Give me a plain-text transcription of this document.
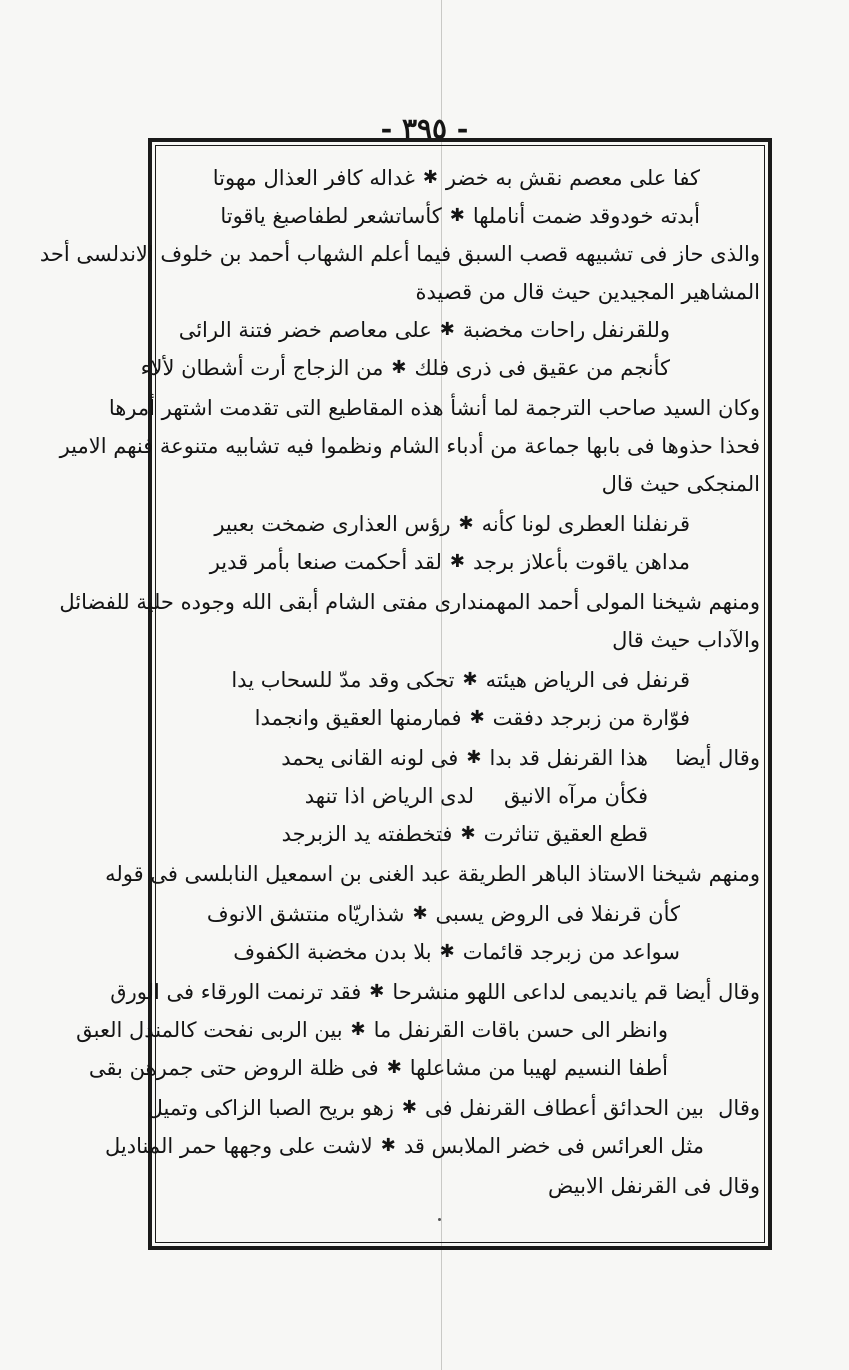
- ٣٩٥ -
كفا على معصم نقش به خضر
✱
غداله كافر العذال مهوتا
أبدته خودوقد ضمت أناملها
✱
كأساتشعر لطفاصبغ ياقوتا
والذى حاز فى تشبيهه قصب السبق فيما أعلم الشهاب أحمد بن خلوف الاندلسى أحد
المشاهير المجيدين حيث قال من قصيدة
وللقرنفل راحات مخضبة
✱
على معاصم خضر فتنة الرائى
كأنجم من عقيق فى ذرى فلك
✱
من الزجاج أرت أشطان لألاء
وكان السيد صاحب الترجمة لما أنشأ هذه المقاطيع التى تقدمت اشتهر أمرها
فحذا حذوها فى بابها جماعة من أدباء الشام ونظموا فيه تشابيه متنوعة فنهم الامير
المنجكى حيث قال
قرنفلنا العطرى لونا كأنه
✱
رؤس العذارى ضمخت بعبير
مداهن ياقوت بأعلاز برجد
✱
لقد أحكمت صنعا بأمر قدير
ومنهم شيخنا المولى أحمد المهمندارى مفتى الشام أبقى الله وجوده حلية للفضائل
والآداب حيث قال
قرنفل فى الرياض هيئته
✱
تحكى وقد مدّ للسحاب يدا
فوّارة من زبرجد دفقت
✱
فمارمنها العقيق وانجمدا
وقال أيضا
هذا القرنفل قد بدا
✱
فى لونه القانى يحمد
فكأن مرآه الانيق
لدى الرياض اذا تنهد
قطع العقيق تناثرت
✱
فتخطفته يد الزبرجد
ومنهم شيخنا الاستاذ الباهر الطريقة عبد الغنى بن اسمعيل النابلسى فى قوله
كأن قرنفلا فى الروض يسبى
✱
شذاريّاه منتشق الانوف
سواعد من زبرجد قائمات
✱
بلا بدن مخضبة الكفوف
وقال أيضا
قم يانديمى لداعى اللهو منشرحا
✱
فقد ترنمت الورقاء فى الورق
وانظر الى حسن باقات القرنفل ما
✱
بين الربى نفحت كالمندل العبق
أطفا النسيم لهيبا من مشاعلها
✱
فى ظلة الروض حتى جمرهن بقى
وقال
بين الحدائق أعطاف القرنفل فى
✱
زهو بريح الصبا الزاكى وتميل
مثل العرائس فى خضر الملابس قد
✱
لاشت على وجهها حمر المناديل
وقال فى القرنفل الابيض
